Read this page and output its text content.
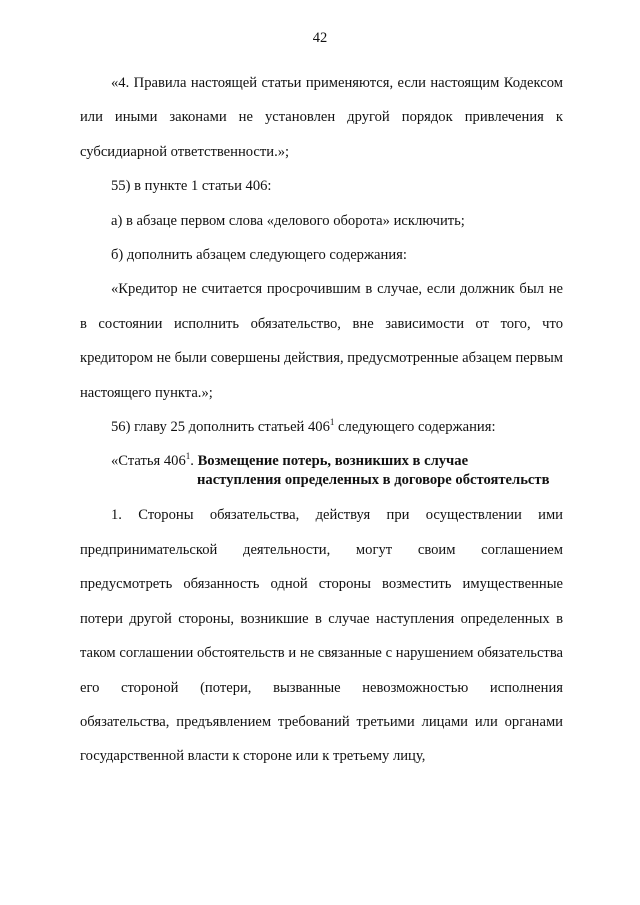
42

«4. Правила настоящей статьи применяются, если настоящим Кодексом или иными законами не установлен другой порядок привлечения к субсидиарной ответственности.»;

55) в пункте 1 статьи 406:

а) в абзаце первом слова «делового оборота» исключить;

б) дополнить абзацем следующего содержания:

«Кредитор не считается просрочившим в случае, если должник был не в состоянии исполнить обязательство, вне зависимости от того, что кредитором не были совершены действия, предусмотренные абзацем первым настоящего пункта.»;

56) главу 25 дополнить статьей $406^1$ следующего содержания:

«Статья $406^1$. Возмещение потерь, возникших в случае
наступления определенных в договоре обстоятельств

1. Стороны обязательства, действуя при осуществлении ими предпринимательской деятельности, могут своим соглашением предусмотреть обязанность одной стороны возместить имущественные потери другой стороны, возникшие в случае наступления определенных в таком соглашении обстоятельств и не связанные с нарушением обязательства его стороной (потери, вызванные невозможностью исполнения обязательства, предъявлением требований третьими лицами или органами государственной власти к стороне или к третьему лицу,
